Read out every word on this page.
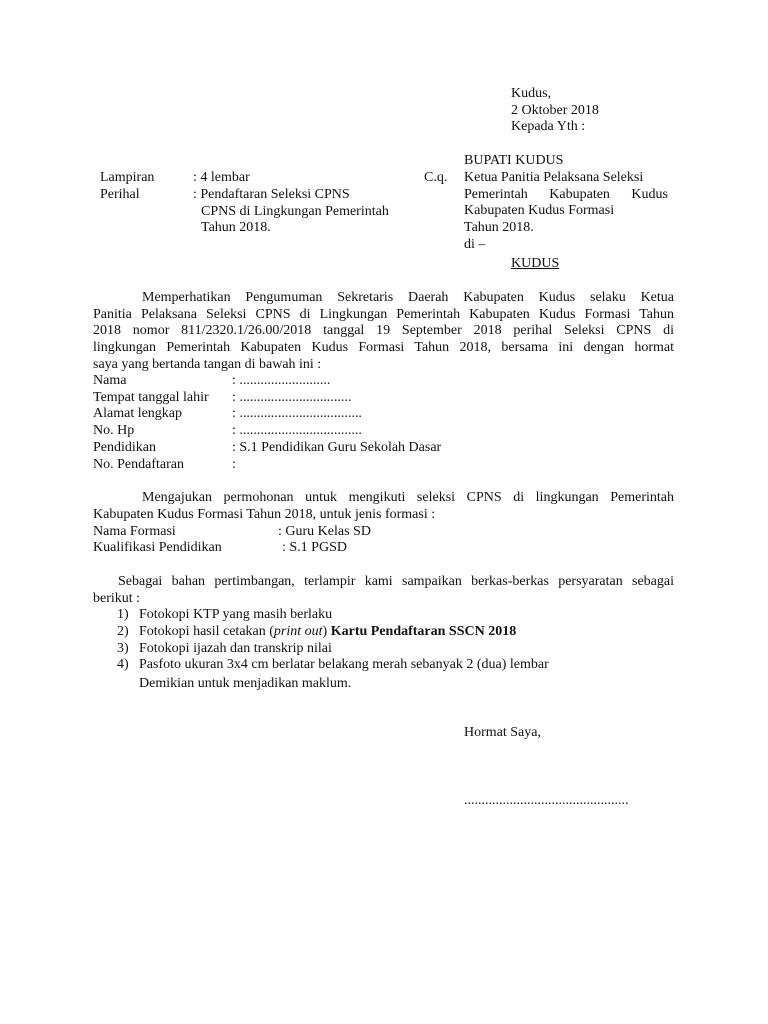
Kudus,
2 Oktober 2018
Kepada Yth :
BUPATI KUDUS
C.q. Ketua Panitia Pelaksana Seleksi
Pemerintah Kabupaten Kudus
Kabupaten Kudus Formasi
Tahun 2018.
di –
KUDUS
Lampiran	: 4 lembar
Perihal	: Pendaftaran Seleksi CPNS
CPNS di Lingkungan Pemerintah
Tahun 2018.
Memperhatikan Pengumuman Sekretaris Daerah Kabupaten Kudus selaku Ketua
Panitia Pelaksana Seleksi CPNS di Lingkungan Pemerintah Kabupaten Kudus Formasi Tahun
2018 nomor 811/2320.1/26.00/2018 tanggal 19 September 2018 perihal Seleksi CPNS di
lingkungan Pemerintah Kabupaten Kudus Formasi Tahun 2018, bersama ini dengan hormat
saya yang bertanda tangan di bawah ini :
Nama	: ..........................
Tempat tanggal lahir : ................................
Alamat lengkap	: ...................................
No. Hp	: ...................................
Pendidikan	: S.1 Pendidikan Guru Sekolah Dasar
No. Pendaftaran	:
Mengajukan permohonan untuk mengikuti seleksi CPNS di lingkungan Pemerintah
Kabupaten Kudus Formasi Tahun 2018, untuk jenis formasi :
Nama Formasi	: Guru Kelas SD
Kualifikasi Pendidikan	: S.1 PGSD
Sebagai bahan pertimbangan, terlampir kami sampaikan berkas-berkas persyaratan sebagai
berikut :
1) Fotokopi KTP yang masih berlaku
2) Fotokopi hasil cetakan (print out) Kartu Pendaftaran SSCN 2018
3) Fotokopi ijazah dan transkrip nilai
4) Pasfoto ukuran 3x4 cm berlatar belakang merah sebanyak 2 (dua) lembar
Demikian untuk menjadikan maklum.
Hormat Saya,
...............................................
